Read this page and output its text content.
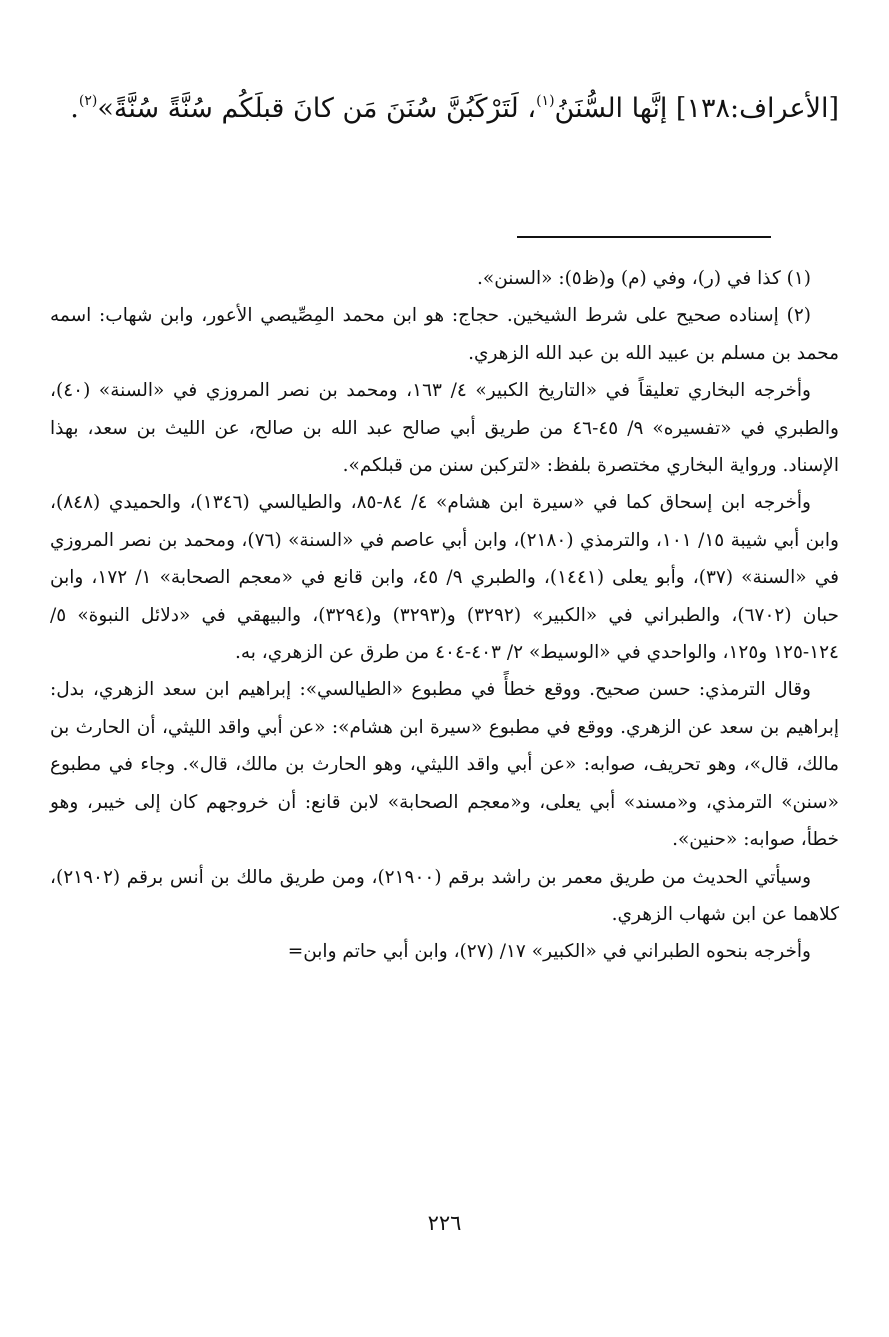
[الأعراف:١٣٨] إنَّها السُّنَنُ$^{(١)}$، لَتَرْكَبُنَّ سُنَنَ مَن كانَ قبلَكُم سُنَّةً سُنَّةً»$^{(٢)}$.

(١) كذا في (ر)، وفي (م) و(ظ٥): «السنن».

(٢) إسناده صحيح على شرط الشيخين. حجاج: هو ابن محمد المِصِّيصي الأعور، وابن شهاب: اسمه محمد بن مسلم بن عبيد الله بن عبد الله الزهري.

وأخرجه البخاري تعليقاً في «التاريخ الكبير» ٤/ ١٦٣، ومحمد بن نصر المروزي في «السنة» (٤٠)، والطبري في «تفسيره» ٩/ ٤٥-٤٦ من طريق أبي صالح عبد الله بن صالح، عن الليث بن سعد، بهذا الإسناد. ورواية البخاري مختصرة بلفظ: «لتركبن سنن من قبلكم».

وأخرجه ابن إسحاق كما في «سيرة ابن هشام» ٤/ ٨٤-٨٥، والطيالسي (١٣٤٦)، والحميدي (٨٤٨)، وابن أبي شيبة ١٥/ ١٠١، والترمذي (٢١٨٠)، وابن أبي عاصم في «السنة» (٧٦)، ومحمد بن نصر المروزي في «السنة» (٣٧)، وأبو يعلى (١٤٤١)، والطبري ٩/ ٤٥، وابن قانع في «معجم الصحابة» ١/ ١٧٢، وابن حبان (٦٧٠٢)، والطبراني في «الكبير» (٣٢٩٢) و(٣٢٩٣) و(٣٢٩٤)، والبيهقي في «دلائل النبوة» ٥/ ١٢٤-١٢٥ و١٢٥، والواحدي في «الوسيط» ٢/ ٤٠٣-٤٠٤ من طرق عن الزهري، به.

وقال الترمذي: حسن صحيح. ووقع خطأً في مطبوع «الطيالسي»: إبراهيم ابن سعد الزهري، بدل: إبراهيم بن سعد عن الزهري. ووقع في مطبوع «سيرة ابن هشام»: «عن أبي واقد الليثي، أن الحارث بن مالك، قال»، وهو تحريف، صوابه: «عن أبي واقد الليثي، وهو الحارث بن مالك، قال». وجاء في مطبوع «سنن» الترمذي، و«مسند» أبي يعلى، و«معجم الصحابة» لابن قانع: أن خروجهم كان إلى خيبر، وهو خطأ، صوابه: «حنين».

وسيأتي الحديث من طريق معمر بن راشد برقم (٢١٩٠٠)، ومن طريق مالك بن أنس برقم (٢١٩٠٢)، كلاهما عن ابن شهاب الزهري.

وأخرجه بنحوه الطبراني في «الكبير» ١٧/ (٢٧)، وابن أبي حاتم وابن=

٢٢٦
